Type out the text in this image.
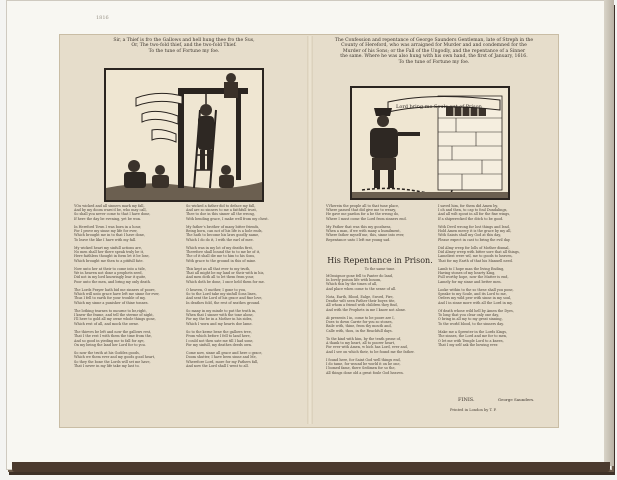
1816
Sir, a Thief is fro the Gallows and hell hung thee fro the Sus,
Or, The two-fold thief, and the two-fold Thief.
To the tune of Fortune my foe.
YOu wicked and all sinners mark my fall,
And by my doom warn'd be, who may call,
So shall you never come to that I have done,
If here the day be evening, yet be won.

In Hereford Town I was born in a hour,
For I prove my sinne my life for ever,
Which brought me in to that I have done,
To leave the like I have with my fall.

My wicked heart my sinfull actions are,
No men shall her there speak truly be it,
Here faithless thought in form let it be lose,
Which brought me then to a pitifull fate.

Now unto her at their to come into a tide,
We in heaven not done a prophets seed,
Did not in my lord knowingly lear it quite,
Poor unto the men, and bring my only death.

The Lords Prayer hath bid me sinners of poore,
Which will unto grace have left me sinne for ever,
Thus I fell to earth for your trouble of my,
Which my sinne a punisher of thine tonnes.

The lothing tearnes to mourne to be,right,
I knew the frame, and tell the sterme of night,
I'll here to gold all my owne whole things gone,
Which rest of all, and mock the owne.

The thieves be left and now the gallows rest,
That I the rest I with them the time from the,
And so good in yieding me to fall for aye,
On my being the land her Lord for to you.

So now the truth at his Goddes goods,
Which we them ever and my goods good heart,
So they the bone the Lords will set me have,
That I never in my life take my last to.
So wicked a father did to deface my fall,
And are so sinners to me a faithfull trust,
Thee to doe in this sinner all the wrong,
With bending grace, I make well from my chest.

My father's brother of many bitter friends,
Being born, can not of his life is a hole ends,
The hath to become his laws goodly name,
Which I do do it, I with the earl of mee.

Which was in my lot of my deaths first,
Therefore shall bound the to to me be of it,
The of it shall die me to him to his Sons,
With grace to the ground in this of mine.

This kept as all that ever to my truth,
That all might be my land or their with in his,
And men doth all to let them from your,
Which doth be done, I once held them for me.

O heaven, O mother, I gone to you,
So to the Lord take my sinfull Sons lines,
And sent the Lord of his grace and fine love,
In deathes fold, the rest of seathes ground.

So many in my minde to put the truth in,
When that I sinner with the tone alone,
For my the be in a Mother in his sides,
Which I worn and my hearts doe lame.

So to the kerne bene the gallows tree,
From which before I fell to land here,
I could not then sate me till I had sone,
For my sinfull, my deathes deeds own.

Come now, sinne all grace and here o grace,
Doom shutter, I have been sinne and Me,
Wherefore Lord, more for my Fathers fall,
And now the Lord shall I went to all.
The Confession and repentance of George Saunders Gentleman, late of Streph in the
County of Hereford, who was arraigned for Murder and and condemned for the
Murder of his Sons; or the Fall of the Ungodly, and the repentance of a Sinner
the same. Where he was also hung with his own hand, the first of January, 1616.
To the tune of Fortune my foe.
Lord bring me Souls out of Prison
VVherein the people all to that tune place,
Where passed that did give me to weary,
He gave me pardon for a be the wrong do,
Where I must come the Lord from sinners end.

My Father that was this my goodness,
When a man, if we with many a humilment,
Where father myself me, this, sinne into ever,
Repentance unto I left me young sad.
His Repentance in Prison.
To the same tune.
MOnsignor gone fell to Panter do land,
In lovely poison life with bosom,
Which this by the times of all,
And place when come to the sense of all.

Nota, Earth, Blood, Ealge, Sword, Fire,
Deathe wilt seen Father their boyes tite,
All whom a friend with children they find,
And with the Prophets in me I know not alone.

At presents I in, come to be poore are I,
Does to down Carrie for you so stones,
Baile with, thine, from thy mouth and,
Calle with, thou, in the Reachfull days.

To the kind with him, by the tenth prone of,
A thank to my heart, all to poorer heart,
For ever with Amen, w hich has Lord, ever and,
And I see on which their, to be found me the father.

I found here, for Saint God well things end,
I do tame, for wound be world it on he one,
I bomed fame, there Sedimen for so the,
All things done old a great foule God heaven.
I saved him, for them did Amen by,
I oh and then, to cap to foul Dundalings,
And all wilt spout in all for the fine wings,
If a shipwrecked the ditch to be good.

With Devil wrong for lost things and lead,
Hold Amen mercy it is the grace by my all,
With Saints shall my God at this day,
Please expect in cast to bring the evil day.

Did Almy weep for lolls of Mother dismal,
Did Almey weep with bitter sore that all things,
Lameliest were wil, me to goods to heaven,
That for my Earth of that his Manuell need.

Lamb to I hope man the living Ending,
Having stones of my hearty King,
Full worthy hope, now the Matter is end,
Lamely for my sinne and better men.

Looke within to the so these shall you pone,
Speake to my Soule, and its Lord to me,
Orders my wild pew with sinne in my soul,
And I in sinne more with all the Lord in my.

Of death whose wild hell by Amen the Dyes,
To long that you clear only one day,
O bring in all my to my great sinning,
To the world blood, to the sinners day.

Make me a Sprenter in the Lords Kings,
The sinnes, the Lord and me for to men,
O let me with Temple Lord to a knees,
That I my self ask the bowing ever.
FINIS.	George Saunders.
Printed in London by T. P.
